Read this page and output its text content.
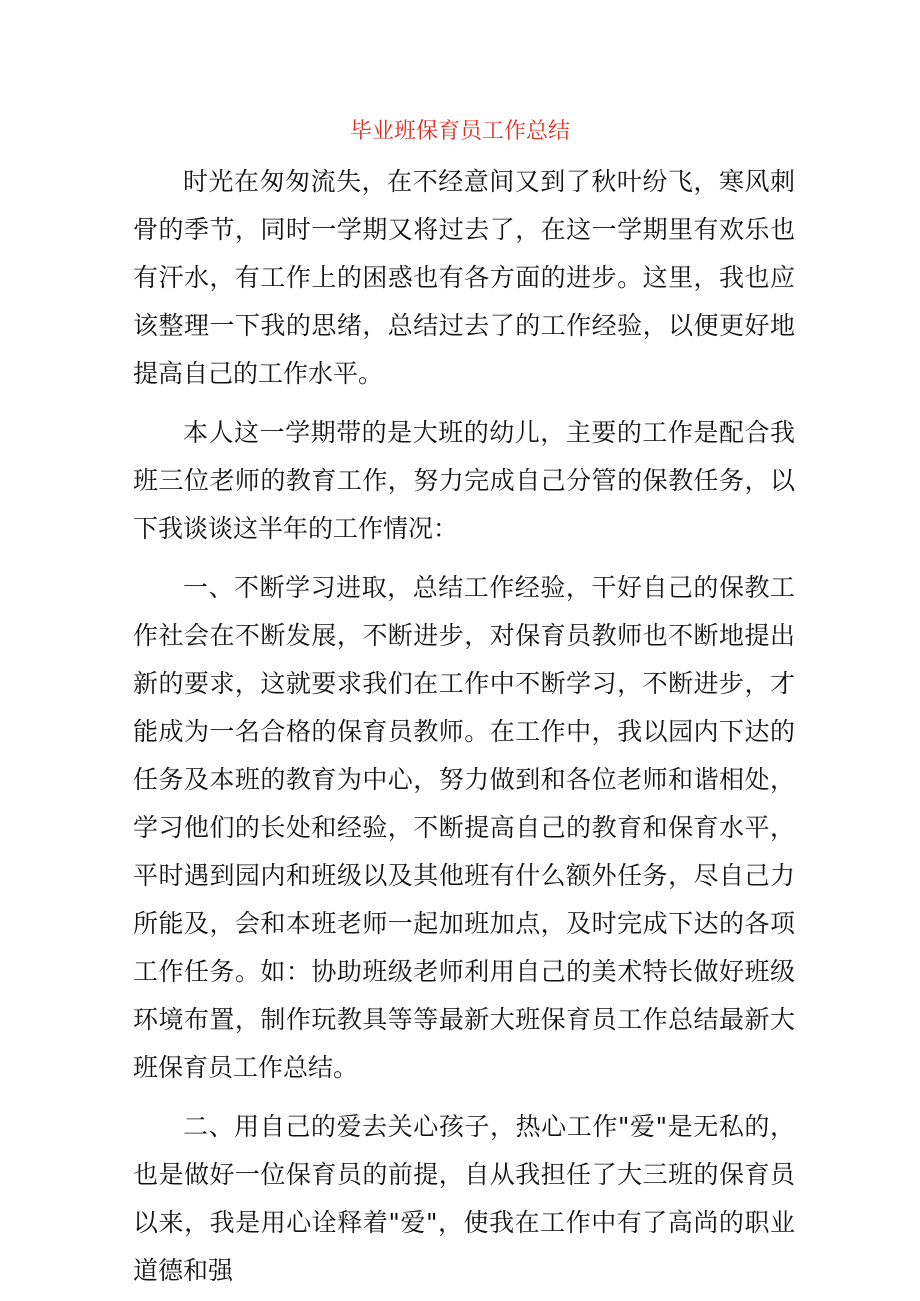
毕业班保育员工作总结

时光在匆匆流失，在不经意间又到了秋叶纷飞，寒风刺骨的季节，同时一学期又将过去了，在这一学期里有欢乐也有汗水，有工作上的困惑也有各方面的进步。这里，我也应该整理一下我的思绪，总结过去了的工作经验，以便更好地提高自己的工作水平。

本人这一学期带的是大班的幼儿，主要的工作是配合我班三位老师的教育工作，努力完成自己分管的保教任务，以下我谈谈这半年的工作情况：

一、不断学习进取，总结工作经验，干好自己的保教工作社会在不断发展，不断进步，对保育员教师也不断地提出新的要求，这就要求我们在工作中不断学习，不断进步，才能成为一名合格的保育员教师。在工作中，我以园内下达的任务及本班的教育为中心，努力做到和各位老师和谐相处，学习他们的长处和经验，不断提高自己的教育和保育水平，平时遇到园内和班级以及其他班有什么额外任务，尽自己力所能及，会和本班老师一起加班加点，及时完成下达的各项工作任务。如：协助班级老师利用自己的美术特长做好班级环境布置，制作玩教具等等最新大班保育员工作总结最新大班保育员工作总结。

二、用自己的爱去关心孩子，热心工作"爱"是无私的，也是做好一位保育员的前提，自从我担任了大三班的保育员以来，我是用心诠释着"爱"，使我在工作中有了高尚的职业道德和强
